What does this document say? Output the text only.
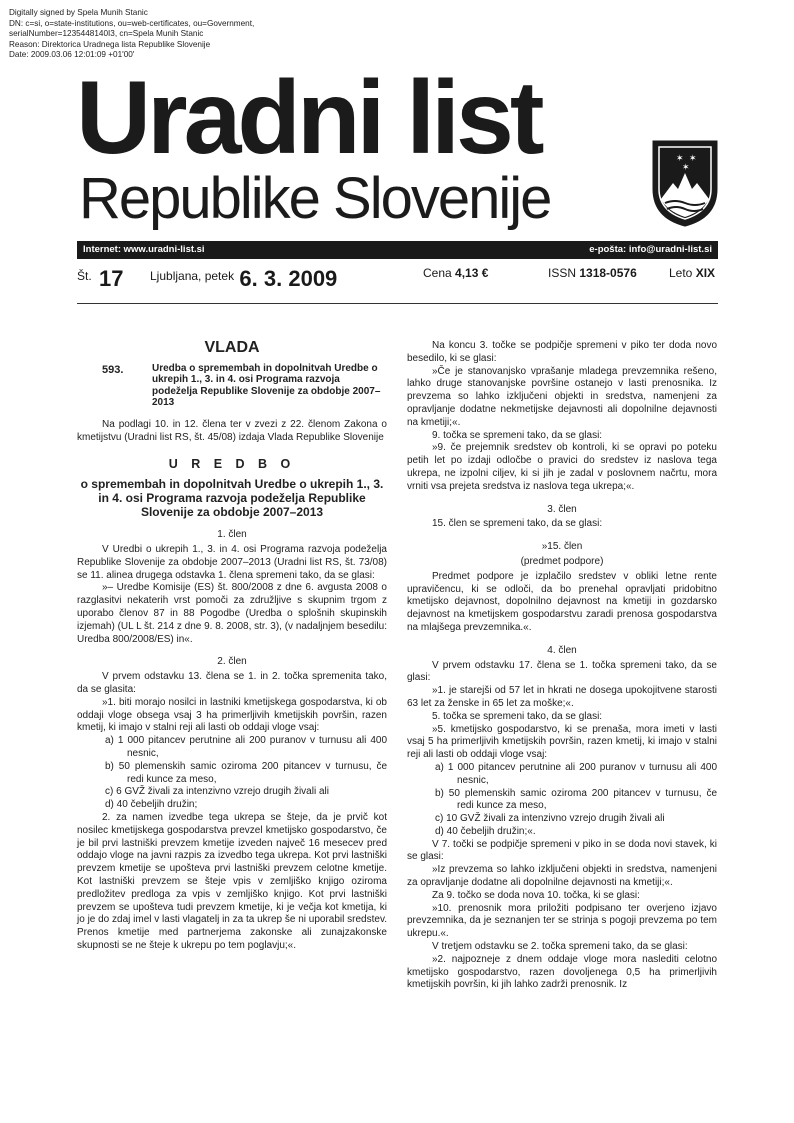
Digitally signed by Spela Munih Stanic
DN: c=si, o=state-institutions, ou=web-certificates, ou=Government,
serialNumber=1235448140I3, cn=Spela Munih Stanic
Reason: Direktorica Uradnega lista Republike Slovenije
Date: 2009.03.06 12:01:09 +01'00'
Uradni list
Republike Slovenije
✶ ✶
✶
Internet: www.uradni-list.si	e-pošta: info@uradni-list.si
Št. 17 Ljubljana, petek 6. 3. 2009	Cena 4,13 €	ISSN 1318-0576	Leto XIX
VLADA
593.	Uredba o spremembah in dopolnitvah Uredbe o ukrepih 1., 3. in 4. osi Programa razvoja podeželja Republike Slovenije za obdobje 2007–2013

Na podlagi 10. in 12. člena ter v zvezi z 22. členom Zakona o kmetijstvu (Uradni list RS, št. 45/08) izdaja Vlada Republike Slovenije

U R E D B O
o spremembah in dopolnitvah Uredbe o ukrepih 1., 3. in 4. osi Programa razvoja podeželja Republike Slovenije za obdobje 2007–2013
1. člen

V Uredbi o ukrepih 1., 3. in 4. osi Programa razvoja podeželja Republike Slovenije za obdobje 2007–2013 (Uradni list RS, št. 73/08) se 11. alinea drugega odstavka 1. člena spremeni tako, da se glasi:

»– Uredbe Komisije (ES) št. 800/2008 z dne 6. avgusta 2008 o razglasitvi nekaterih vrst pomoči za združljive s skupnim trgom z uporabo členov 87 in 88 Pogodbe (Uredba o splošnih skupinskih izjemah) (UL L št. 214 z dne 9. 8. 2008, str. 3), (v nadaljnjem besedilu: Uredba 800/2008/ES) in«.

2. člen

V prvem odstavku 13. člena se 1. in 2. točka spremenita tako, da se glasita:

»1. biti morajo nosilci in lastniki kmetijskega gospodarstva, ki ob oddaji vloge obsega vsaj 3 ha primerljivih kmetijskih površin, razen kmetij, ki imajo v stalni reji ali lasti ob oddaji vloge vsaj:

a) 1 000 pitancev perutnine ali 200 puranov v turnusu ali 400 nesnic,

b) 50 plemenskih samic oziroma 200 pitancev v turnusu, če redi kunce za meso,

c) 6 GVŽ živali za intenzivno vzrejo drugih živali ali

d) 40 čebeljih družin;

2. za namen izvedbe tega ukrepa se šteje, da je prvič kot nosilec kmetijskega gospodarstva prevzel kmetijsko gospodarstvo, če je bil prvi lastniški prevzem kmetije izveden največ 16 mesecev pred oddajo vloge na javni razpis za izvedbo tega ukrepa. Kot prvi lastniški prevzem kmetije se upošteva prvi lastniški prevzem celotne kmetije. Kot lastniški prevzem se šteje vpis v zemljiško knjigo oziroma predložitev predloga za vpis v zemljiško knjigo. Kot prvi lastniški prevzem se upošteva tudi prevzem kmetije, ki je večja kot kmetija, ki jo je do zdaj imel v lasti vlagatelj in za ta ukrep še ni uporabil sredstev. Prenos kmetije med partnerjema zakonske ali zunajzakonske skupnosti se ne šteje k ukrepu po tem poglavju;«.

Na koncu 3. točke se podpičje spremeni v piko ter doda novo besedilo, ki se glasi:

»Če je stanovanjsko vprašanje mladega prevzemnika rešeno, lahko druge stanovanjske površine ostanejo v lasti prenosnika. Iz prevzema so lahko izključeni objekti in sredstva, namenjeni za opravljanje dodatne nekmetijske dejavnosti ali dopolnilne dejavnosti na kmetiji;«.

9. točka se spremeni tako, da se glasi:

»9. če prejemnik sredstev ob kontroli, ki se opravi po poteku petih let po izdaji odločbe o pravici do sredstev iz naslova tega ukrepa, ne izpolni ciljev, ki si jih je zadal v poslovnem načrtu, mora vrniti vsa prejeta sredstva iz naslova tega ukrepa;«.

3. člen

15. člen se spremeni tako, da se glasi:

»15. člen
(predmet podpore)

Predmet podpore je izplačilo sredstev v obliki letne rente upravičencu, ki se odloči, da bo prenehal opravljati pridobitno kmetijsko dejavnost, dopolnilno dejavnost na kmetiji in gozdarsko dejavnost na kmetijskem gospodarstvu zaradi prenosa gospodarstva na mlajšega prevzemnika.«.

4. člen

V prvem odstavku 17. člena se 1. točka spremeni tako, da se glasi:

»1. je starejši od 57 let in hkrati ne dosega upokojitvene starosti 63 let za ženske in 65 let za moške;«.

5. točka se spremeni tako, da se glasi:

»5. kmetijsko gospodarstvo, ki se prenaša, mora imeti v lasti vsaj 5 ha primerljivih kmetijskih površin, razen kmetij, ki imajo v stalni reji ali lasti ob oddaji vloge vsaj:

a) 1 000 pitancev perutnine ali 200 puranov v turnusu ali 400 nesnic,

b) 50 plemenskih samic oziroma 200 pitancev v turnusu, če redi kunce za meso,

c) 10 GVŽ živali za intenzivno vzrejo drugih živali ali

d) 40 čebeljih družin;«.

V 7. točki se podpičje spremeni v piko in se doda novi stavek, ki se glasi:

»Iz prevzema so lahko izključeni objekti in sredstva, namenjeni za opravljanje dodatne ali dopolnilne dejavnosti na kmetiji;«.

Za 9. točko se doda nova 10. točka, ki se glasi:

»10. prenosnik mora priložiti podpisano ter overjeno izjavo prevzemnika, da je seznanjen ter se strinja s pogoji prevzema po tem ukrepu.«.

V tretjem odstavku se 2. točka spremeni tako, da se glasi:

»2. najpozneje z dnem oddaje vloge mora naslediti celotno kmetijsko gospodarstvo, razen dovoljenega 0,5 ha primerljivih kmetijskih površin, ki jih lahko zadrži prenosnik. Iz
